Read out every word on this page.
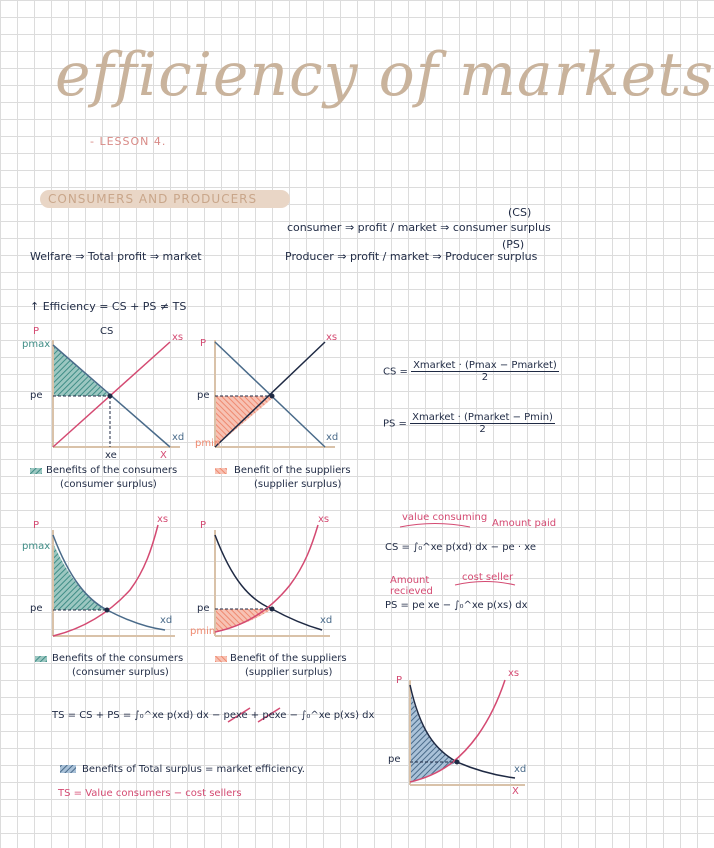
efficiency of markets
- LESSON 4.
CONSUMERS AND PRODUCERS
(CS)
consumer ⇒ profit / market ⇒ consumer surplus
(PS)
Welfare ⇒ Total profit ⇒ market	Producer ⇒ profit / market ⇒ Producer surplus
↑ Efficiency = CS + PS ≠ TS
P	CS
xs
pmax
pe
xd
xe	X
P
xs
pe
pmin
xd
Benefits of the consumers
(consumer surplus)
Benefit of the suppliers
(supplier surplus)
CS = $\frac{\text{Xmarket · (Pmax − Pmarket)}}{2}$
PS = $\frac{\text{Xmarket · (Pmarket − Pmin)}}{2}$
P
xs
pmax
pe
xd
P
xs
pe
pmin
xd
value consuming
Amount paid
CS = ∫₀^xe p(xd) dx − pe · xe
Amount recieved
cost seller
PS = pe xe − ∫₀^xe p(xs) dx
Benefits of the consumers
(consumer surplus)
Benefit of the suppliers
(supplier surplus)
TS = CS + PS = ∫₀^xe p(xd) dx − pexe + pexe − ∫₀^xe p(xs) dx
P
xs
pe
xd
X
Benefits of Total surplus = market efficiency.
TS = Value consumers − cost sellers
